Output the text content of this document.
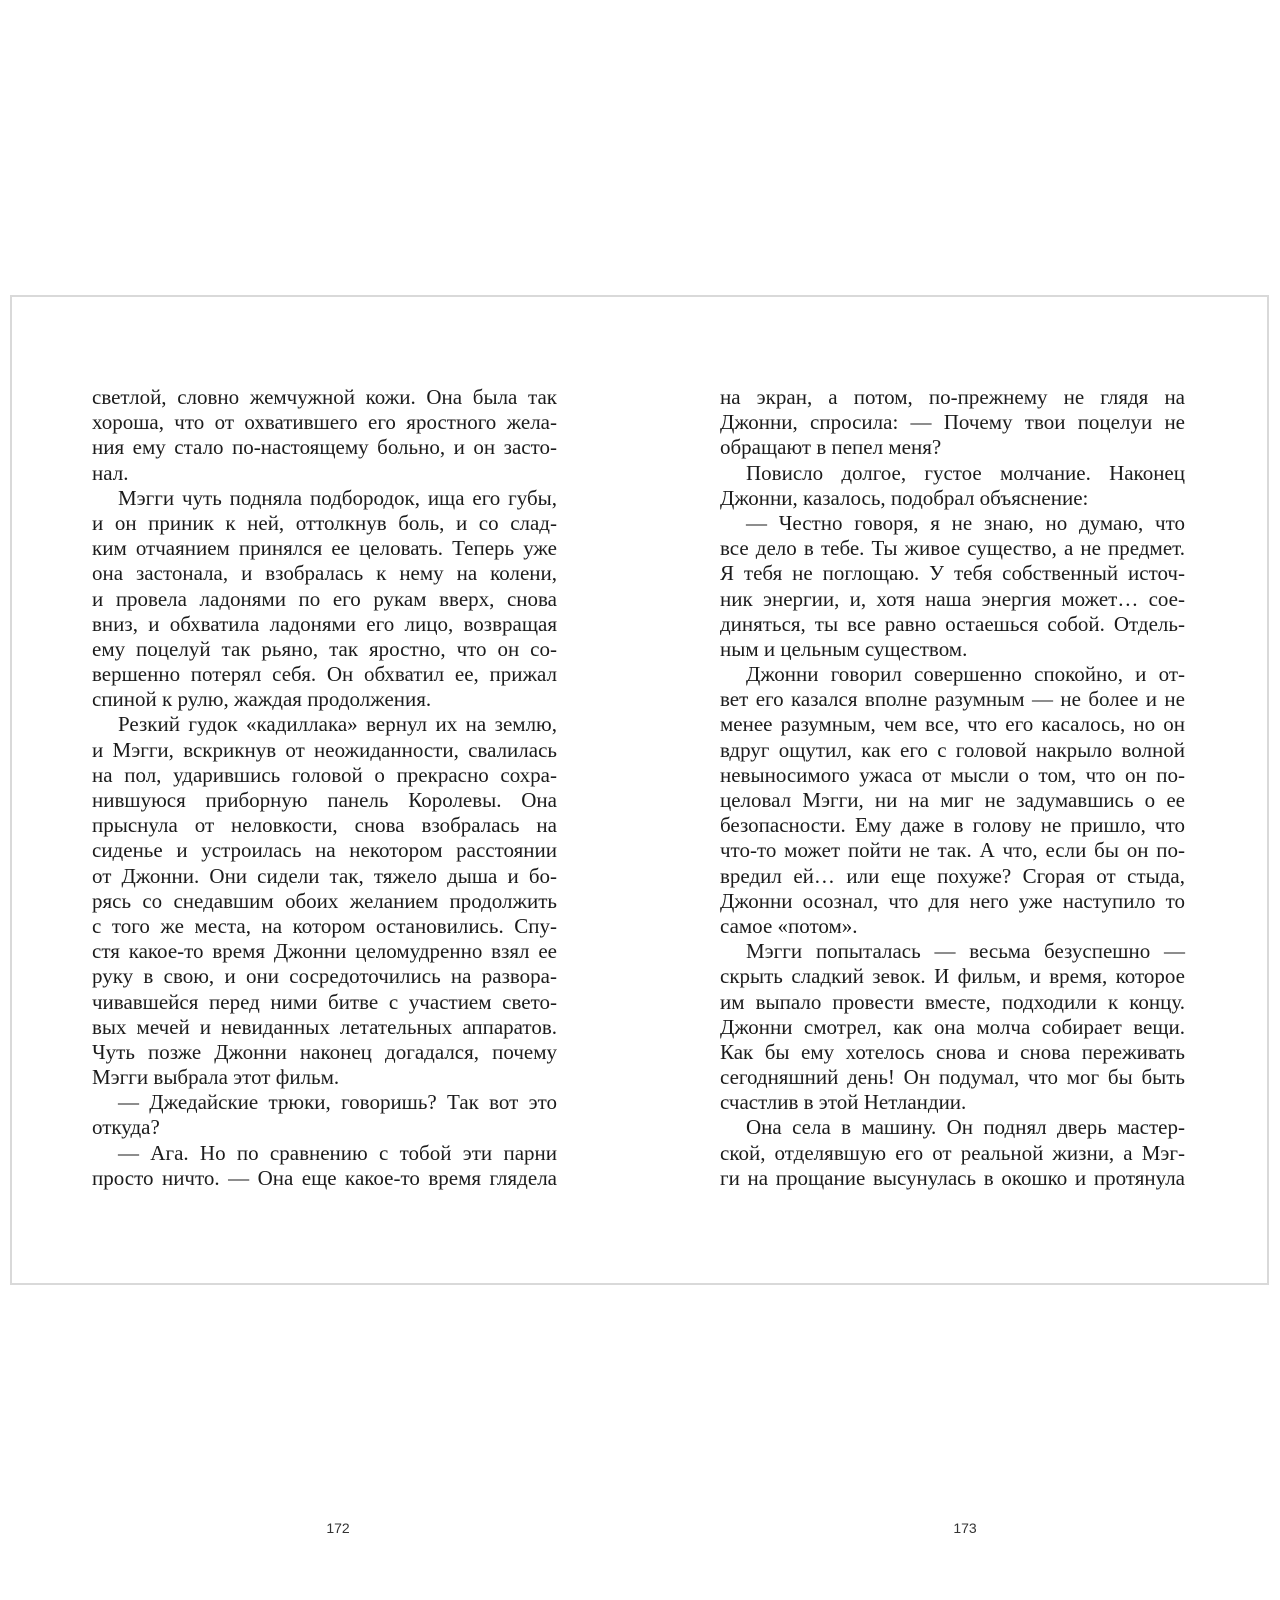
светлой, словно жемчужной кожи. Она была так
хороша, что от охватившего его яростного жела-
ния ему стало по-настоящему больно, и он засто-
нал.
Мэгги чуть подняла подбородок, ища его губы,
и он приник к ней, оттолкнув боль, и со слад-
ким отчаянием принялся ее целовать. Теперь уже
она застонала, и взобралась к нему на колени,
и провела ладонями по его рукам вверх, снова
вниз, и обхватила ладонями его лицо, возвращая
ему поцелуй так рьяно, так яростно, что он со-
вершенно потерял себя. Он обхватил ее, прижал
спиной к рулю, жаждая продолжения.
Резкий гудок «кадиллака» вернул их на землю,
и Мэгги, вскрикнув от неожиданности, свалилась
на пол, ударившись головой о прекрасно сохра-
нившуюся приборную панель Королевы. Она
прыснула от неловкости, снова взобралась на
сиденье и устроилась на некотором расстоянии
от Джонни. Они сидели так, тяжело дыша и бо-
рясь со снедавшим обоих желанием продолжить
с того же места, на котором остановились. Спу-
стя какое-то время Джонни целомудренно взял ее
руку в свою, и они сосредоточились на развора-
чивавшейся перед ними битве с участием свето-
вых мечей и невиданных летательных аппаратов.
Чуть позже Джонни наконец догадался, почему
Мэгги выбрала этот фильм.
— Джедайские трюки, говоришь? Так вот это
откуда?
— Ага. Но по сравнению с тобой эти парни
просто ничто. — Она еще какое-то время глядела
на экран, а потом, по-прежнему не глядя на
Джонни, спросила: — Почему твои поцелуи не
обращают в пепел меня?
Повисло долгое, густое молчание. Наконец
Джонни, казалось, подобрал объяснение:
— Честно говоря, я не знаю, но думаю, что
все дело в тебе. Ты живое существо, а не предмет.
Я тебя не поглощаю. У тебя собственный источ-
ник энергии, и, хотя наша энергия может… сое-
диняться, ты все равно остаешься собой. Отдель-
ным и цельным существом.
Джонни говорил совершенно спокойно, и от-
вет его казался вполне разумным — не более и не
менее разумным, чем все, что его касалось, но он
вдруг ощутил, как его с головой накрыло волной
невыносимого ужаса от мысли о том, что он по-
целовал Мэгги, ни на миг не задумавшись о ее
безопасности. Ему даже в голову не пришло, что
что-то может пойти не так. А что, если бы он по-
вредил ей… или еще похуже? Сгорая от стыда,
Джонни осознал, что для него уже наступило то
самое «потом».
Мэгги попыталась — весьма безуспешно —
скрыть сладкий зевок. И фильм, и время, которое
им выпало провести вместе, подходили к концу.
Джонни смотрел, как она молча собирает вещи.
Как бы ему хотелось снова и снова переживать
сегодняшний день! Он подумал, что мог бы быть
счастлив в этой Нетландии.
Она села в машину. Он поднял дверь мастер-
ской, отделявшую его от реальной жизни, а Мэг-
ги на прощание высунулась в окошко и протянула
172	173
